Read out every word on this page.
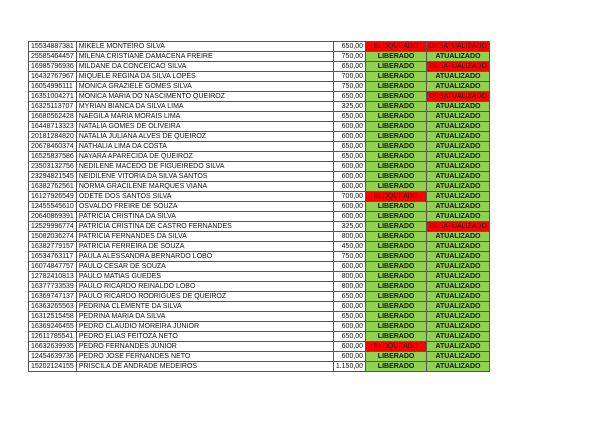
15534887381	MIKELE MONTEIRO SILVA	650,00	BLOQUEADO	DESATUALIZADO
25585464457	MILENA CRISTIANE DAMACENA FREIRE	750,00	LIBERADO	ATUALIZADO
16985796936	MILDANE DA CONCEICAO SILVA	650,00	LIBERADO	DESATUALIZADO
16432767967	MIQUELE REGINA DA SILVA LOPES	700,00	LIBERADO	ATUALIZADO
16054996111	MONICA GRAZIELE GOMES SILVA	750,00	LIBERADO	ATUALIZADO
16351004271	MONICA MARIA DO NASCIMENTO QUEIROZ	650,00	LIBERADO	DESATUALIZADO
16325113707	MYRIAN BIANCA DA SILVA LIMA	325,00	LIBERADO	ATUALIZADO
16680562428	NAEGILA MARIA MORAIS LIMA	650,00	LIBERADO	ATUALIZADO
16448713323	NATALIA GOMES DE OLIVEIRA	600,00	LIBERADO	ATUALIZADO
20181284820	NATALIA JULIANA ALVES DE QUEIROZ	600,00	LIBERADO	ATUALIZADO
20678460374	NATHALIA LIMA DA COSTA	650,00	LIBERADO	ATUALIZADO
16525837586	NAYARA APARECIDA DE QUEIROZ	650,00	LIBERADO	ATUALIZADO
23503132756	NEDILENE MACEDO DE FIGUEIREDO SILVA	600,00	LIBERADO	ATUALIZADO
23294821545	NEIDILENE VITORIA DA SILVA SANTOS	600,00	LIBERADO	ATUALIZADO
16382762561	NORMA GRACILENE MARQUES VIANA	600,00	LIBERADO	ATUALIZADO
16127926549	ODETE DOS SANTOS SILVA	700,00	BLOQUEADO	ATUALIZADO
12455545610	OSVALDO FREIRE DE SOUZA	600,00	LIBERADO	ATUALIZADO
20640869391	PATRICIA CRISTINA DA SILVA	600,00	LIBERADO	ATUALIZADO
12529996774	PATRICIA CRISTINA DE CASTRO FERNANDES	325,00	LIBERADO	DESATUALIZADO
15082036274	PATRICIA FERNANDES DA SILVA	800,00	LIBERADO	ATUALIZADO
16382779157	PATRICIA FERREIRA DE SOUZA	450,00	LIBERADO	ATUALIZADO
16534763117	PAULA ALESSANDRA BERNARDO LOBO	750,00	LIBERADO	ATUALIZADO
16074847757	PAULO CESAR DE SOUZA	600,00	LIBERADO	ATUALIZADO
12782410813	PAULO MATIAS GUEDES	800,00	LIBERADO	ATUALIZADO
16377733539	PAULO RICARDO REINALDO LOBO	800,00	LIBERADO	ATUALIZADO
16369747137	PAULO RICARDO RODRIGUES DE QUEIROZ	650,00	LIBERADO	ATUALIZADO
16363265563	PEDRINA CLEMENTE DA SILVA	600,00	LIBERADO	ATUALIZADO
16312515458	PEDRINA MARIA DA SILVA	650,00	LIBERADO	ATUALIZADO
16369246455	PEDRO CLAUDIO MOREIRA JUNIOR	600,00	LIBERADO	ATUALIZADO
12611785541	PEDRO ELIAS FEITOZA NETO	650,00	LIBERADO	ATUALIZADO
16632639935	PEDRO FERNANDES JUNIOR	600,00	BLOQUEADO	ATUALIZADO
12454639736	PEDRO JOSE FERNANDES NETO	600,00	LIBERADO	ATUALIZADO
15202124155	PRISCILA DE ANDRADE MEDEIROS	1.150,00	LIBERADO	ATUALIZADO
